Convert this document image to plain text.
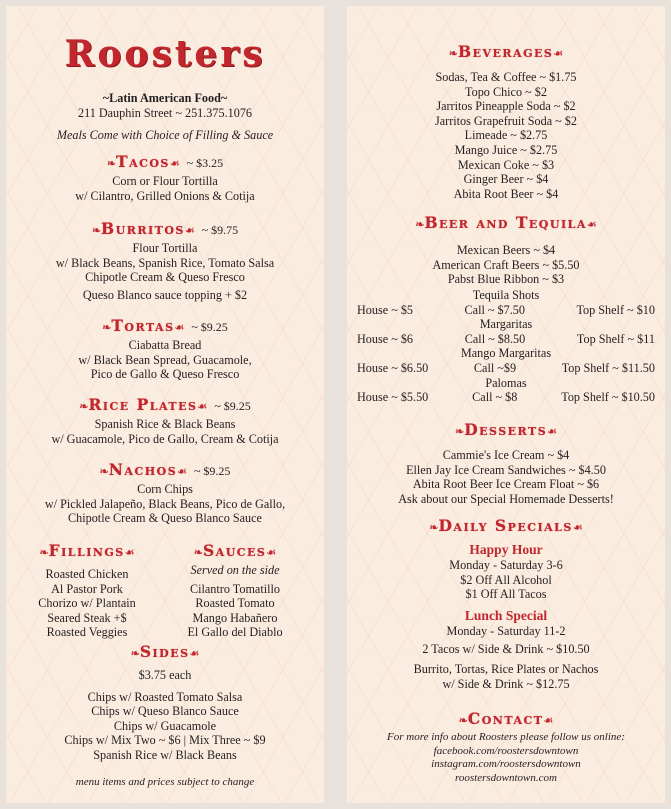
Roosters
~Latin American Food~
211 Dauphin Street ~ 251.375.1076
Meals Come with Choice of Filling & Sauce
❧Tacos☙ ~ $3.25
Corn or Flour Tortilla
w/ Cilantro, Grilled Onions & Cotija
❧Burritos☙ ~ $9.75
Flour Tortilla
w/ Black Beans, Spanish Rice, Tomato Salsa
Chipotle Cream & Queso Fresco
Queso Blanco sauce topping + $2
❧Tortas☙ ~ $9.25
Ciabatta Bread
w/ Black Bean Spread, Guacamole,
Pico de Gallo & Queso Fresco
❧Rice Plates☙ ~ $9.25
Spanish Rice & Black Beans
w/ Guacamole, Pico de Gallo, Cream & Cotija
❧Nachos☙ ~ $9.25
Corn Chips
w/ Pickled Jalapeño, Black Beans, Pico de Gallo,
Chipotle Cream & Queso Blanco Sauce
❧Fillings☙
Roasted Chicken
Al Pastor Pork
Chorizo w/ Plantain
Seared Steak +$
Roasted Veggies
❧Sauces☙
Served on the side
Cilantro Tomatillo
Roasted Tomato
Mango Habañero
El Gallo del Diablo
❧Sides☙
$3.75 each
Chips w/ Roasted Tomato Salsa
Chips w/ Queso Blanco Sauce
Chips w/ Guacamole
Chips w/ Mix Two ~ $6 | Mix Three ~ $9
Spanish Rice w/ Black Beans
menu items and prices subject to change
❧Beverages☙
Sodas, Tea & Coffee ~ $1.75
Topo Chico ~ $2
Jarritos Pineapple Soda ~ $2
Jarritos Grapefruit Soda ~ $2
Limeade ~ $2.75
Mango Juice ~ $2.75
Mexican Coke ~ $3
Ginger Beer ~ $4
Abita Root Beer ~ $4
❧Beer and Tequila☙
Mexican Beers ~ $4
American Craft Beers ~ $5.50
Pabst Blue Ribbon ~ $3
Tequila Shots
House ~ $5	Call ~ $7.50	Top Shelf ~ $10
Margaritas
House ~ $6	Call ~ $8.50	Top Shelf ~ $11
Mango Margaritas
House ~ $6.50	Call ~$9	Top Shelf ~ $11.50
Palomas
House ~ $5.50	Call ~ $8	Top Shelf ~ $10.50
❧Desserts☙
Cammie's Ice Cream ~ $4
Ellen Jay Ice Cream Sandwiches ~ $4.50
Abita Root Beer Ice Cream Float ~ $6
Ask about our Special Homemade Desserts!
❧Daily Specials☙
Happy Hour
Monday - Saturday 3-6
$2 Off All Alcohol
$1 Off All Tacos
Lunch Special
Monday - Saturday 11-2
2 Tacos w/ Side & Drink ~ $10.50
Burrito, Tortas, Rice Plates or Nachos
w/ Side & Drink ~ $12.75
❧Contact☙
For more info about Roosters please follow us online:
facebook.com/roostersdowntown
instagram.com/roostersdowntown
roostersdowntown.com
